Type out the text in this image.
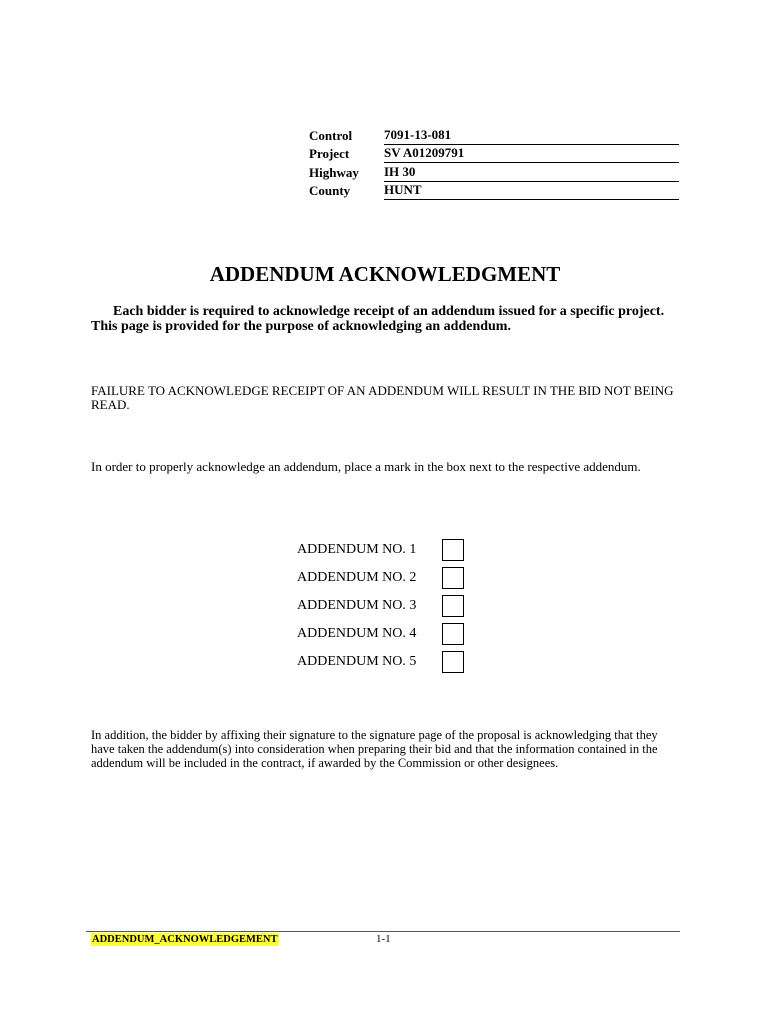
Control	7091-13-081
Project	SV A01209791
Highway	IH 30
County	HUNT
ADDENDUM ACKNOWLEDGMENT
Each bidder is required to acknowledge receipt of an addendum issued for a specific project. This page is provided for the purpose of acknowledging an addendum.
FAILURE TO ACKNOWLEDGE RECEIPT OF AN ADDENDUM WILL RESULT IN THE BID NOT BEING READ.
In order to properly acknowledge an addendum, place a mark in the box next to the respective addendum.
ADDENDUM NO. 1
ADDENDUM NO. 2
ADDENDUM NO. 3
ADDENDUM NO. 4
ADDENDUM NO. 5
In addition, the bidder by affixing their signature to the signature page of the proposal is acknowledging that they have taken the addendum(s) into consideration when preparing their bid and that the information contained in the addendum will be included in the contract, if awarded by the Commission or other designees.
ADDENDUM_ACKNOWLEDGEMENT	1-1
